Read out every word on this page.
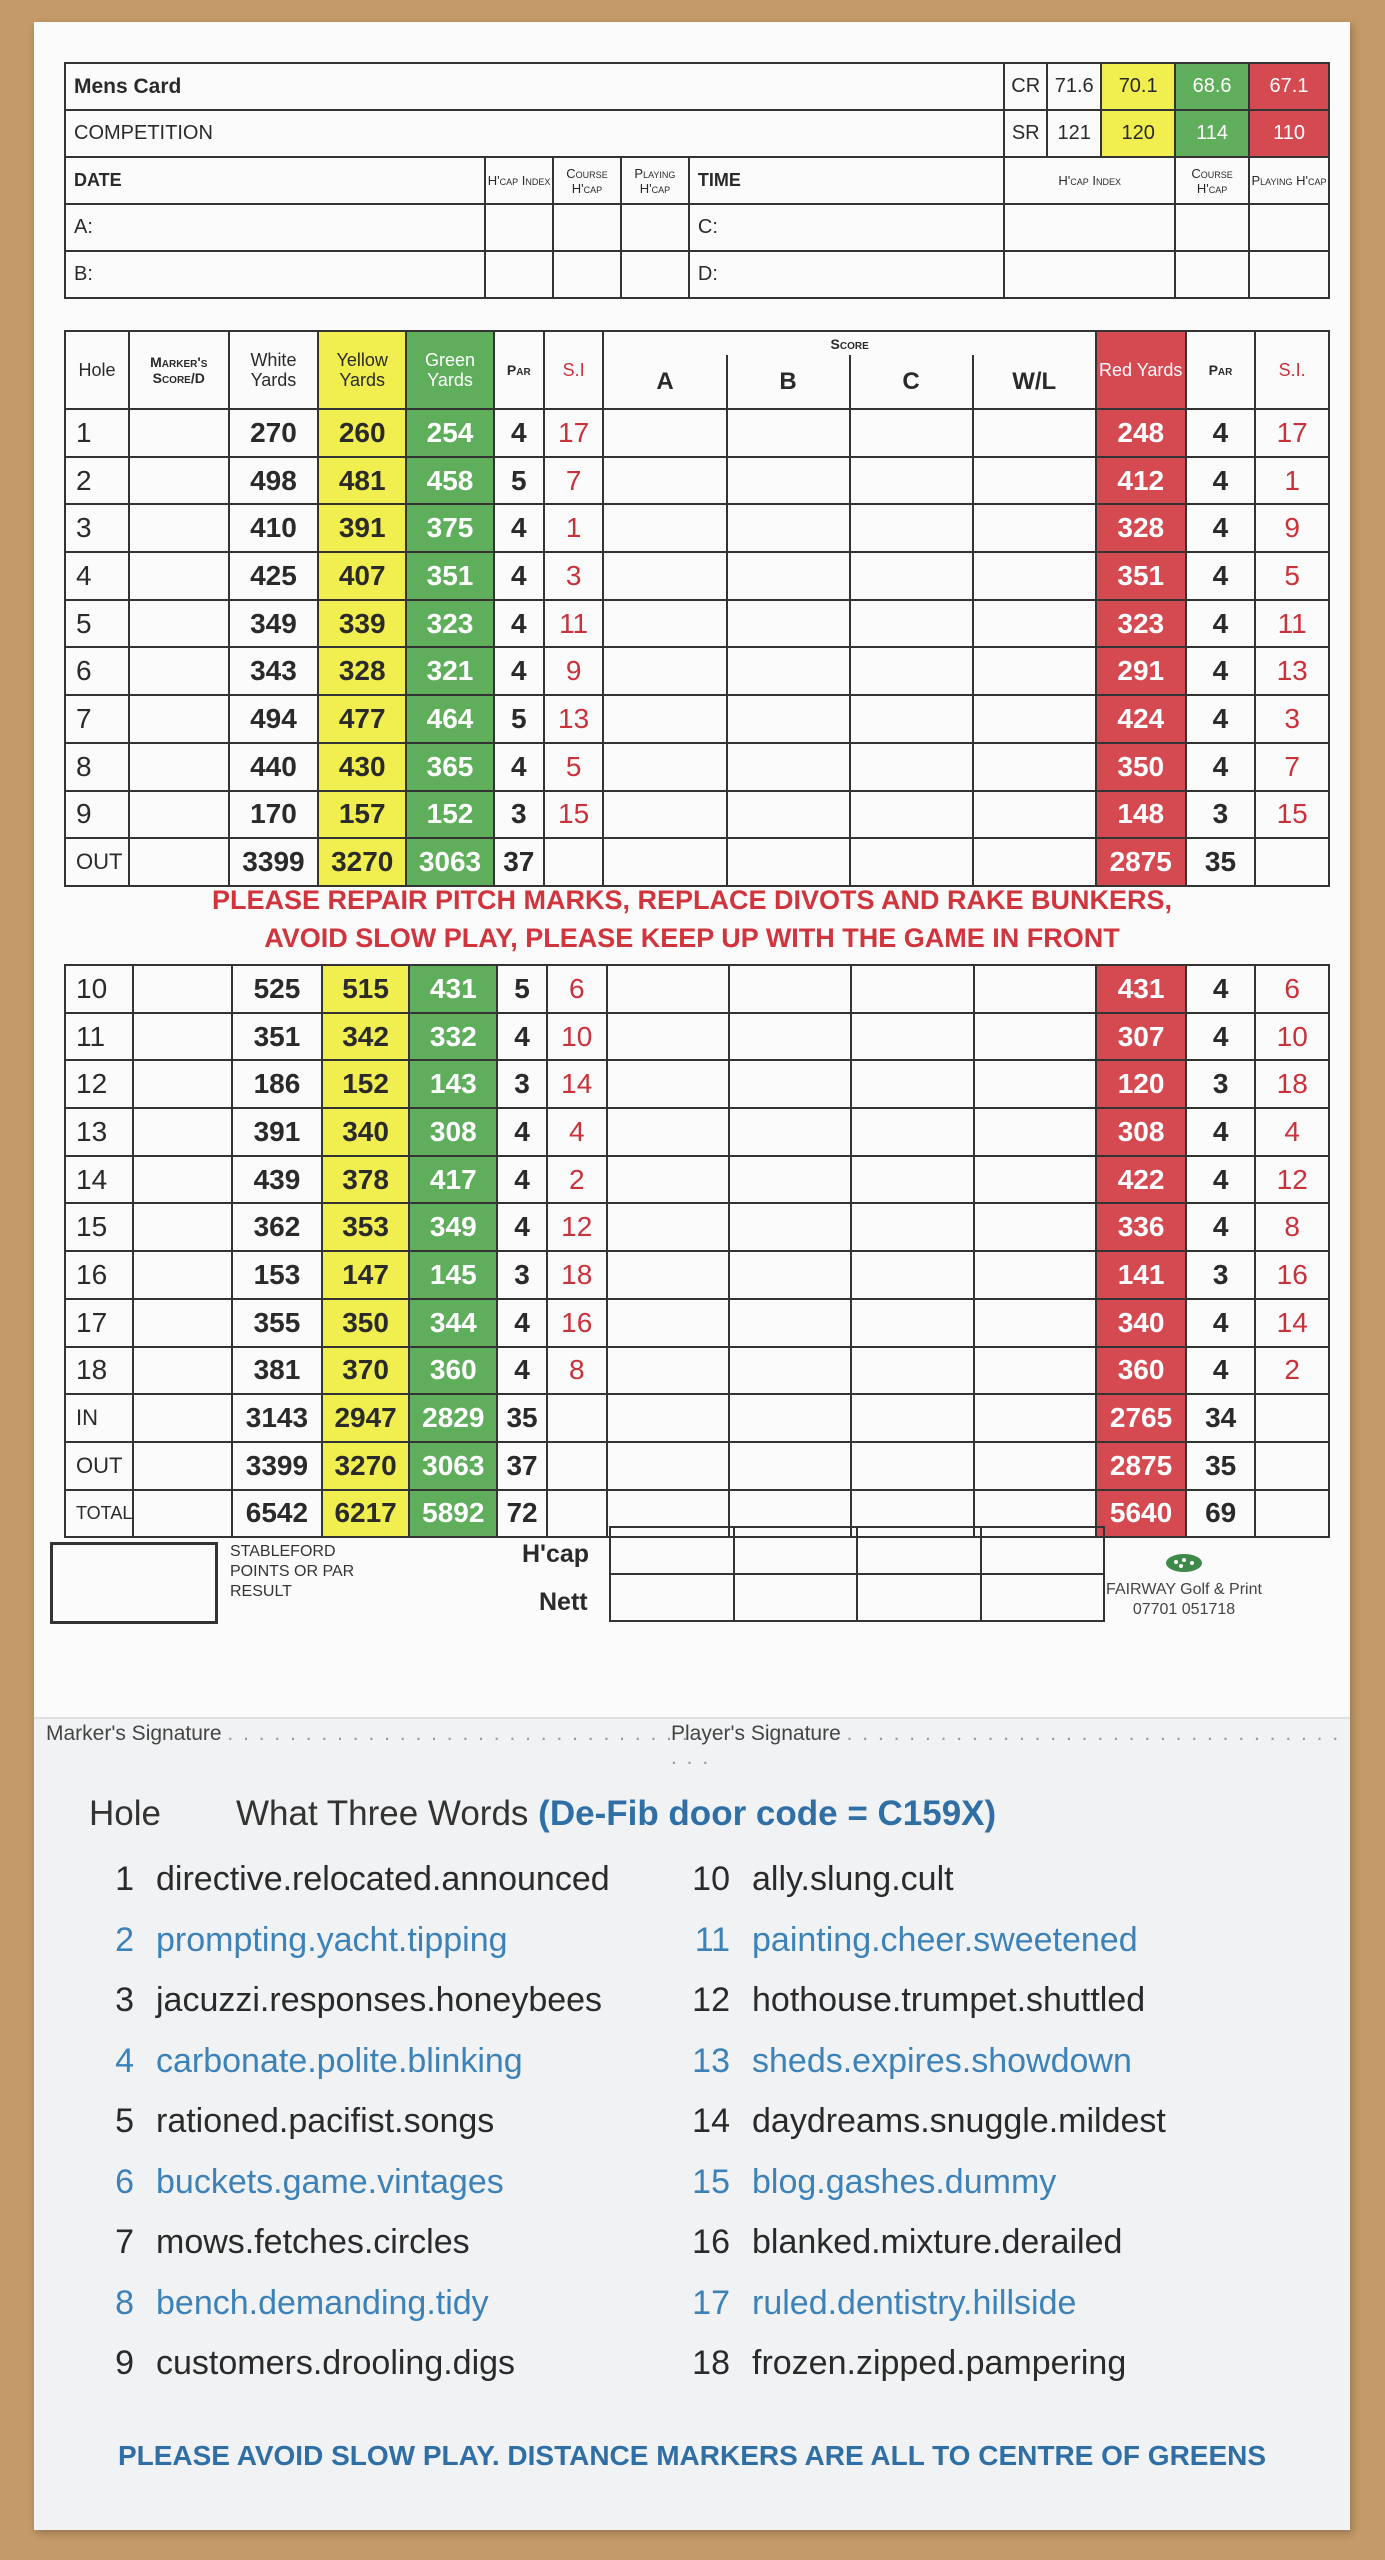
Mens Card					CR	71.6	70.1	68.6	67.1
COMPETITION					SR	121	120	114	110
DATE	H'cap Index	Course H'cap	Playing H'cap	TIME	H'cap Index			Course H'cap	Playing H'cap
A:				C:					
B:				D:					
Hole	Marker's Score/D	White Yards	Yellow Yards	Green Yards	Par	S.I	Score				Red Yards	Par	S.I.
							A	B	C	W/L			
1		270	260	254	4	17					248	4	17
2		498	481	458	5	7					412	4	1
3		410	391	375	4	1					328	4	9
4		425	407	351	4	3					351	4	5
5		349	339	323	4	11					323	4	11
6		343	328	321	4	9					291	4	13
7		494	477	464	5	13					424	4	3
8		440	430	365	4	5					350	4	7
9		170	157	152	3	15					148	3	15
OUT		3399	3270	3063	37						2875	35	
PLEASE REPAIR PITCH MARKS, REPLACE DIVOTS AND RAKE BUNKERS,
AVOID SLOW PLAY, PLEASE KEEP UP WITH THE GAME IN FRONT
10		525	515	431	5	6					431	4	6
11		351	342	332	4	10					307	4	10
12		186	152	143	3	14					120	3	18
13		391	340	308	4	4					308	4	4
14		439	378	417	4	2					422	4	12
15		362	353	349	4	12					336	4	8
16		153	147	145	3	18					141	3	16
17		355	350	344	4	16					340	4	14
18		381	370	360	4	8					360	4	2
IN		3143	2947	2829	35						2765	34	
OUT		3399	3270	3063	37						2875	35	
TOTAL		6542	6217	5892	72						5640	69	
STABLEFORD POINTS OR PAR RESULT
H'cap
Nett

				FAIRWAY Golf & Print
07701 051718
Marker's Signature . . . . . . . . . . . . . . . . . . . . . . . . . . . . . . . .
Player's Signature . . . . . . . . . . . . . . . . . . . . . . . . . . . . . . . . . . .
Hole What Three Words (De-Fib door code = C159X)
1 directive.relocated.announced
2 prompting.yacht.tipping
3 jacuzzi.responses.honeybees
4 carbonate.polite.blinking
5 rationed.pacifist.songs
6 buckets.game.vintages
7 mows.fetches.circles
8 bench.demanding.tidy
9 customers.drooling.digs
10 ally.slung.cult
11 painting.cheer.sweetened
12 hothouse.trumpet.shuttled
13 sheds.expires.showdown
14 daydreams.snuggle.mildest
15 blog.gashes.dummy
16 blanked.mixture.derailed
17 ruled.dentistry.hillside
18 frozen.zipped.pampering
PLEASE AVOID SLOW PLAY. DISTANCE MARKERS ARE ALL TO CENTRE OF GREENS
